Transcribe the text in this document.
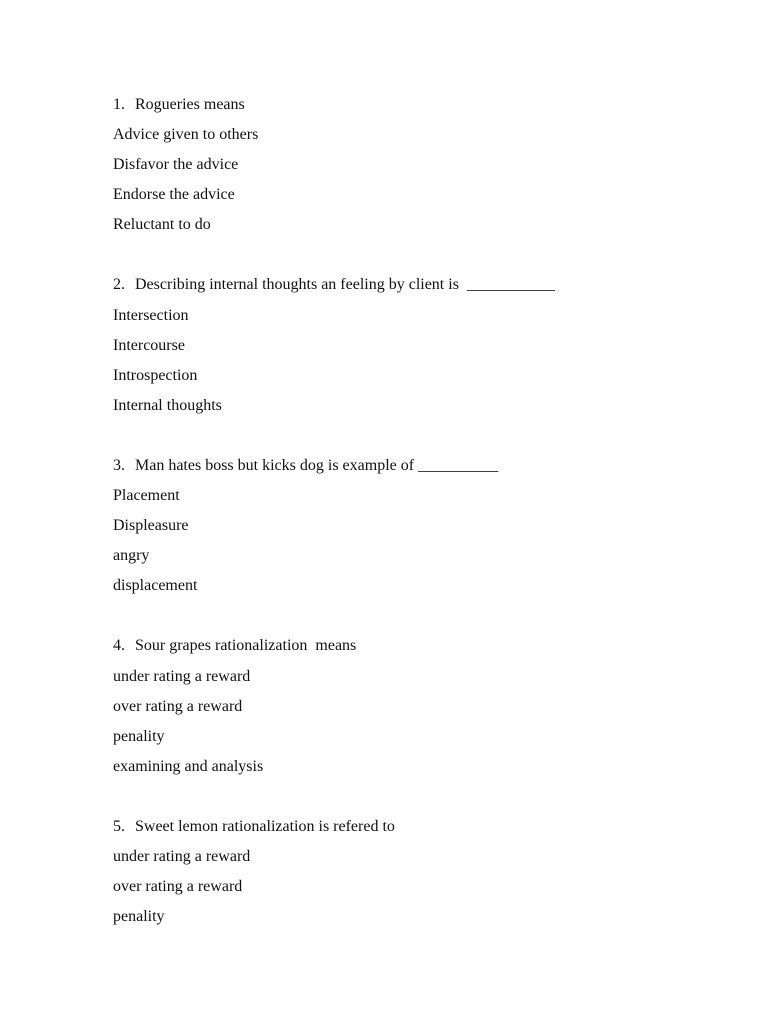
1. Rogueries means
Advice given to others
Disfavor the advice
Endorse the advice
Reluctant to do
2. Describing internal thoughts an feeling by client is  ___________
Intersection
Intercourse
Introspection
Internal thoughts
3. Man hates boss but kicks dog is example of __________
Placement
Displeasure
angry
displacement
4. Sour grapes rationalization  means
under rating a reward
over rating a reward
penality
examining and analysis
5. Sweet lemon rationalization is refered to
under rating a reward
over rating a reward
penality
